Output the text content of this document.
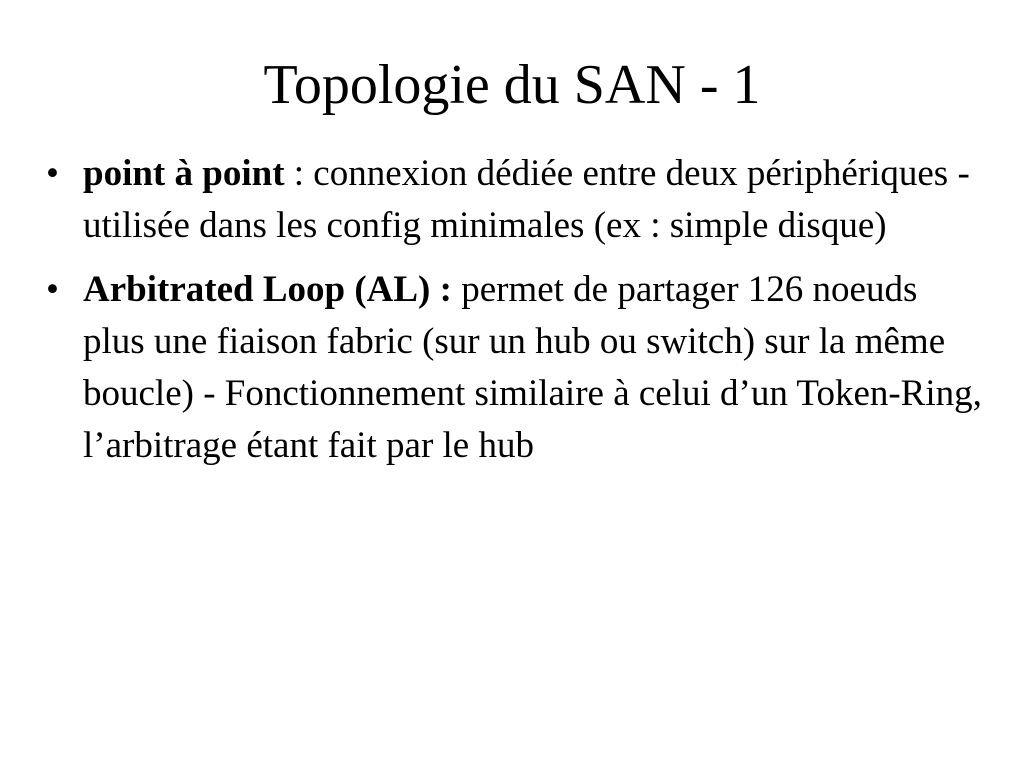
Topologie du SAN - 1
• point à point : connexion dédiée entre deux périphériques - utilisée dans les config minimales (ex : simple disque)
• Arbitrated Loop (AL) : permet de partager 126 noeuds plus une fiaison fabric (sur un hub ou switch) sur la même boucle) - Fonctionnement similaire à celui d’un Token-Ring, l’arbitrage étant fait par le hub
